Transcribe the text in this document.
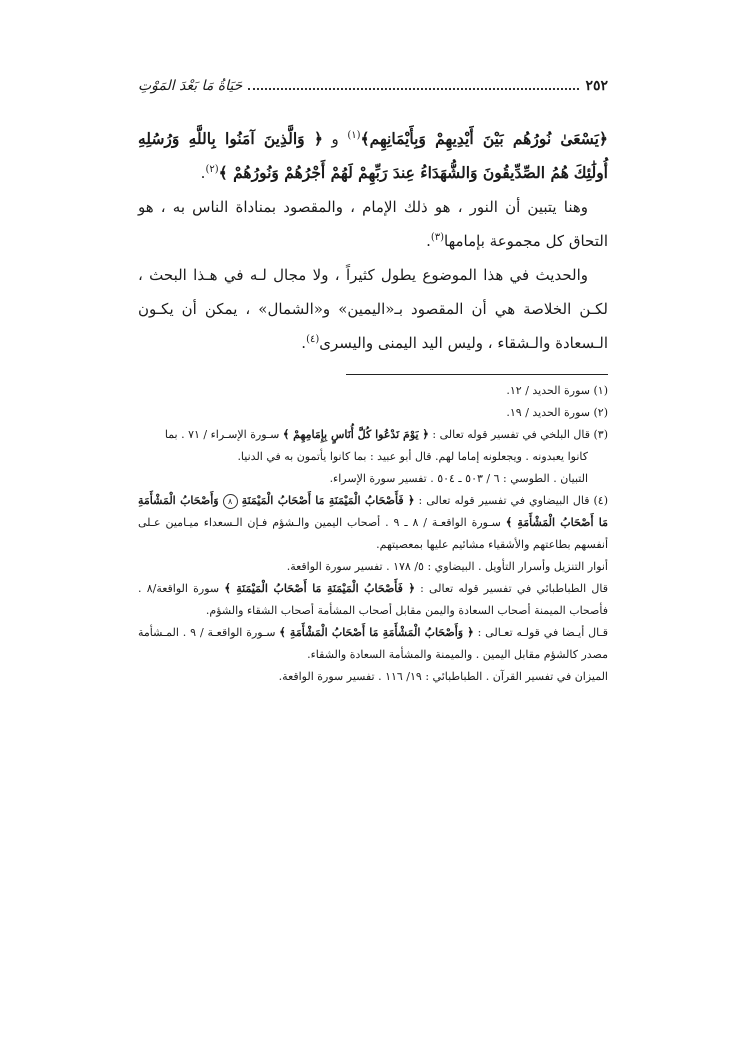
٢٥٢
حَيَاةُ مَا بَعْدَ المَوْتِ

﴿يَسْعَىٰ نُورُهُم بَيْنَ أَيْدِيهِمْ وَبِأَيْمَانِهِم﴾$^{(١)}$ و ﴿ وَالَّذِينَ آمَنُوا بِاللَّهِ وَرُسُلِهِ أُولَٰئِكَ هُمُ الصِّدِّيقُونَ وَالشُّهَدَاءُ عِندَ رَبِّهِمْ لَهُمْ أَجْرُهُمْ وَنُورُهُمْ ﴾$^{(٢)}$.

وهنا يتبين أن النور ، هو ذلك الإمام ، والمقصود بمناداة الناس به ، هو التحاق كل مجموعة بإمامها$^{(٣)}$.

والحديث في هذا الموضوع يطول كثيراً ، ولا مجال لـه في هـذا البحث ، لكـن الخلاصة هي أن المقصود بـ«اليمين» و«الشمال» ، يمكن أن يكـون الـسعادة والـشقاء ، وليس اليد اليمنى واليسرى$^{(٤)}$.

(١) سورة الحديد / ١٢.

(٢) سورة الحديد / ١٩.

(٣) قال البلخي في تفسير قوله تعالى : ﴿ يَوْمَ نَدْعُوا كُلَّ أُنَاسٍ بِإِمَامِهِمْ ﴾ سـورة الإسـراء / ٧١ . بما

كانوا يعبدونه . ويجعلونه إماما لهم. قال أبو عبيد : بما كانوا يأتمون به في الدنيا.

التبيان . الطوسي : ٦ / ٥٠٣ ـ ٥٠٤ . تفسير سورة الإسراء.

(٤) قال البيضاوي في تفسير قوله تعالى : ﴿ فَأَصْحَابُ الْمَيْمَنَةِ مَا أَصْحَابُ الْمَيْمَنَةِ ٨ وَأَصْحَابُ الْمَشْأَمَةِ مَا أَصْحَابُ الْمَشْأَمَةِ ﴾ سـورة الواقعـة / ٨ ـ ٩ . أصحاب اليمين والـشؤم فـإن الـسعداء ميـامين عـلى أنفسهم بطاعتهم والأشقياء مشائيم عليها بمعصيتهم.

أنوار التنزيل وأسرار التأويل . البيضاوي : ٥/ ١٧٨ . تفسير سورة الواقعة.

قال الطباطبائي في تفسير قوله تعالى : ﴿ فَأَصْحَابُ الْمَيْمَنَةِ مَا أَصْحَابُ الْمَيْمَنَةِ ﴾ سورة الواقعة/٨ . فأصحاب الميمنة أصحاب السعادة واليمن مقابل أصحاب المشأمة أصحاب الشقاء والشؤم.

قـال أيـضا في قولـه تعـالى : ﴿ وَأَصْحَابُ الْمَشْأَمَةِ مَا أَصْحَابُ الْمَشْأَمَةِ ﴾ سـورة الواقعـة / ٩ . المـشأمة مصدر كالشؤم مقابل اليمين . والميمنة والمشأمة السعادة والشقاء.

الميزان في تفسير القرآن . الطباطبائي : ١٩/ ١١٦ . تفسير سورة الواقعة.
